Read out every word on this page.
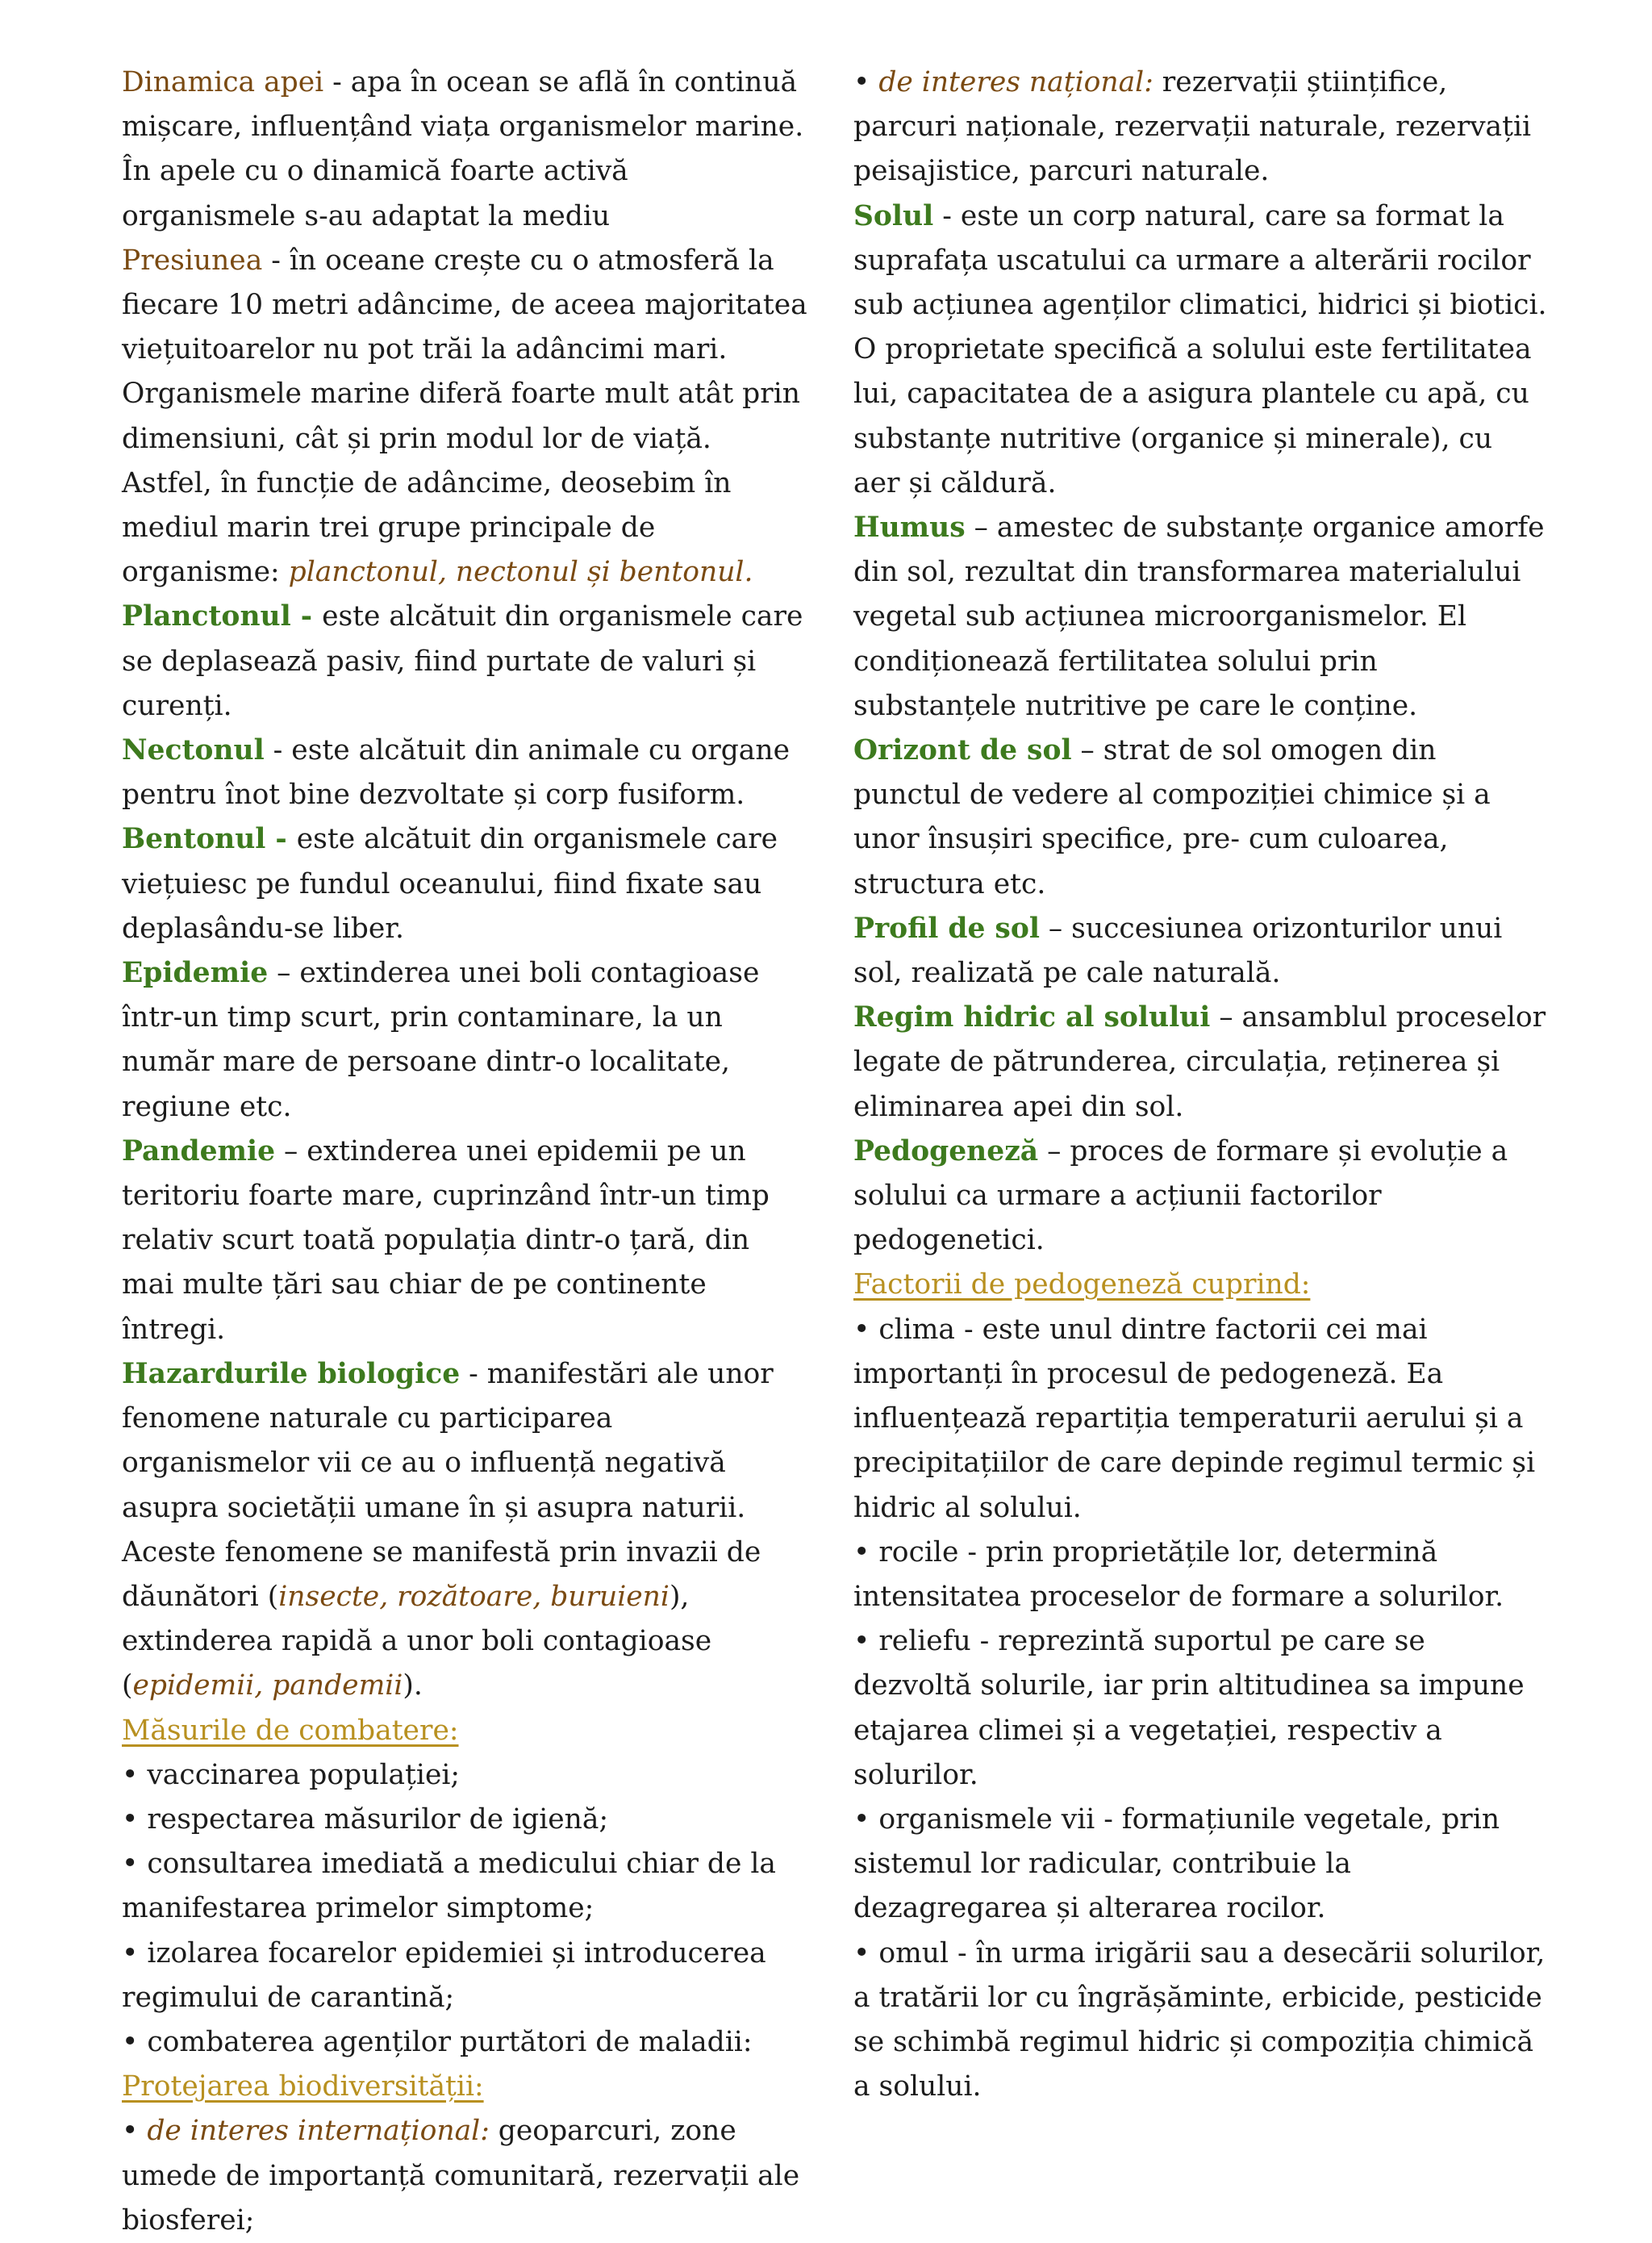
Dinamica apei - apa în ocean se află în continuă mișcare, influențând viața organismelor marine. În apele cu o dinamică foarte activă organismele s-au adaptat la mediu

Presiunea - în oceane crește cu o atmosferă la fiecare 10 metri adâncime, de aceea majoritatea viețuitoarelor nu pot trăi la adâncimi mari. Organismele marine diferă foarte mult atât prin dimensiuni, cât și prin modul lor de viață. Astfel, în funcție de adâncime, deosebim în mediul marin trei grupe principale de organisme: planctonul, nectonul și bentonul.

Planctonul - este alcătuit din organismele care se deplasează pasiv, fiind purtate de valuri și curenți.

Nectonul - este alcătuit din animale cu organe pentru înot bine dezvoltate și corp fusiform.

Bentonul - este alcătuit din organismele care viețuiesc pe fundul oceanului, fiind fixate sau deplasându-se liber.

Epidemie – extinderea unei boli contagioase într-un timp scurt, prin contaminare, la un număr mare de persoane dintr-o localitate, regiune etc.

Pandemie – extinderea unei epidemii pe un teritoriu foarte mare, cuprinzând într-un timp relativ scurt toată populația dintr-o țară, din mai multe țări sau chiar de pe continente întregi.

Hazardurile biologice - manifestări ale unor fenomene naturale cu participarea organismelor vii ce au o influență negativă asupra societății umane în și asupra naturii. Aceste fenomene se manifestă prin invazii de dăunători (insecte, rozătoare, buruieni), extinderea rapidă a unor boli contagioase (epidemii, pandemii).

Măsurile de combatere:

• vaccinarea populației;

• respectarea măsurilor de igienă;

• consultarea imediată a medicului chiar de la manifestarea primelor simptome;

• izolarea focarelor epidemiei și introducerea regimului de carantină;

• combaterea agenților purtători de maladii:

Protejarea biodiversității:

• de interes internațional: geoparcuri, zone umede de importanță comunitară, rezervații ale biosferei;

• de interes național: rezervații științifice, parcuri naționale, rezervații naturale, rezervații peisajistice, parcuri naturale.

Solul - este un corp natural, care sa format la suprafața uscatului ca urmare a alterării rocilor sub acțiunea agenților climatici, hidrici și biotici. O proprietate specifică a solului este fertilitatea lui, capacitatea de a asigura plantele cu apă, cu substanțe nutritive (organice și minerale), cu aer și căldură.

Humus – amestec de substanțe organice amorfe din sol, rezultat din transformarea materialului vegetal sub acțiunea microorganismelor. El condiționează fertilitatea solului prin substanțele nutritive pe care le conține.

Orizont de sol – strat de sol omogen din punctul de vedere al compoziției chimice și a unor însușiri specifice, pre- cum culoarea, structura etc.

Profil de sol – succesiunea orizonturilor unui sol, realizată pe cale naturală.

Regim hidric al solului – ansamblul proceselor legate de pătrunderea, circulația, reținerea și eliminarea apei din sol.

Pedogeneză – proces de formare și evoluție a solului ca urmare a acțiunii factorilor pedogenetici.

Factorii de pedogeneză cuprind:

• clima - este unul dintre factorii cei mai importanți în procesul de pedogeneză. Ea influențează repartiția temperaturii aerului și a precipitațiilor de care depinde regimul termic și hidric al solului.

• rocile - prin proprietățile lor, determină intensitatea proceselor de formare a solurilor.

• reliefu - reprezintă suportul pe care se dezvoltă solurile, iar prin altitudinea sa impune etajarea climei și a vegetației, respectiv a solurilor.

• organismele vii - formațiunile vegetale, prin sistemul lor radicular, contribuie la dezagregarea și alterarea rocilor.

• omul - în urma irigării sau a desecării solurilor, a tratării lor cu îngrășăminte, erbicide, pesticide se schimbă regimul hidric și compoziția chimică a solului.
